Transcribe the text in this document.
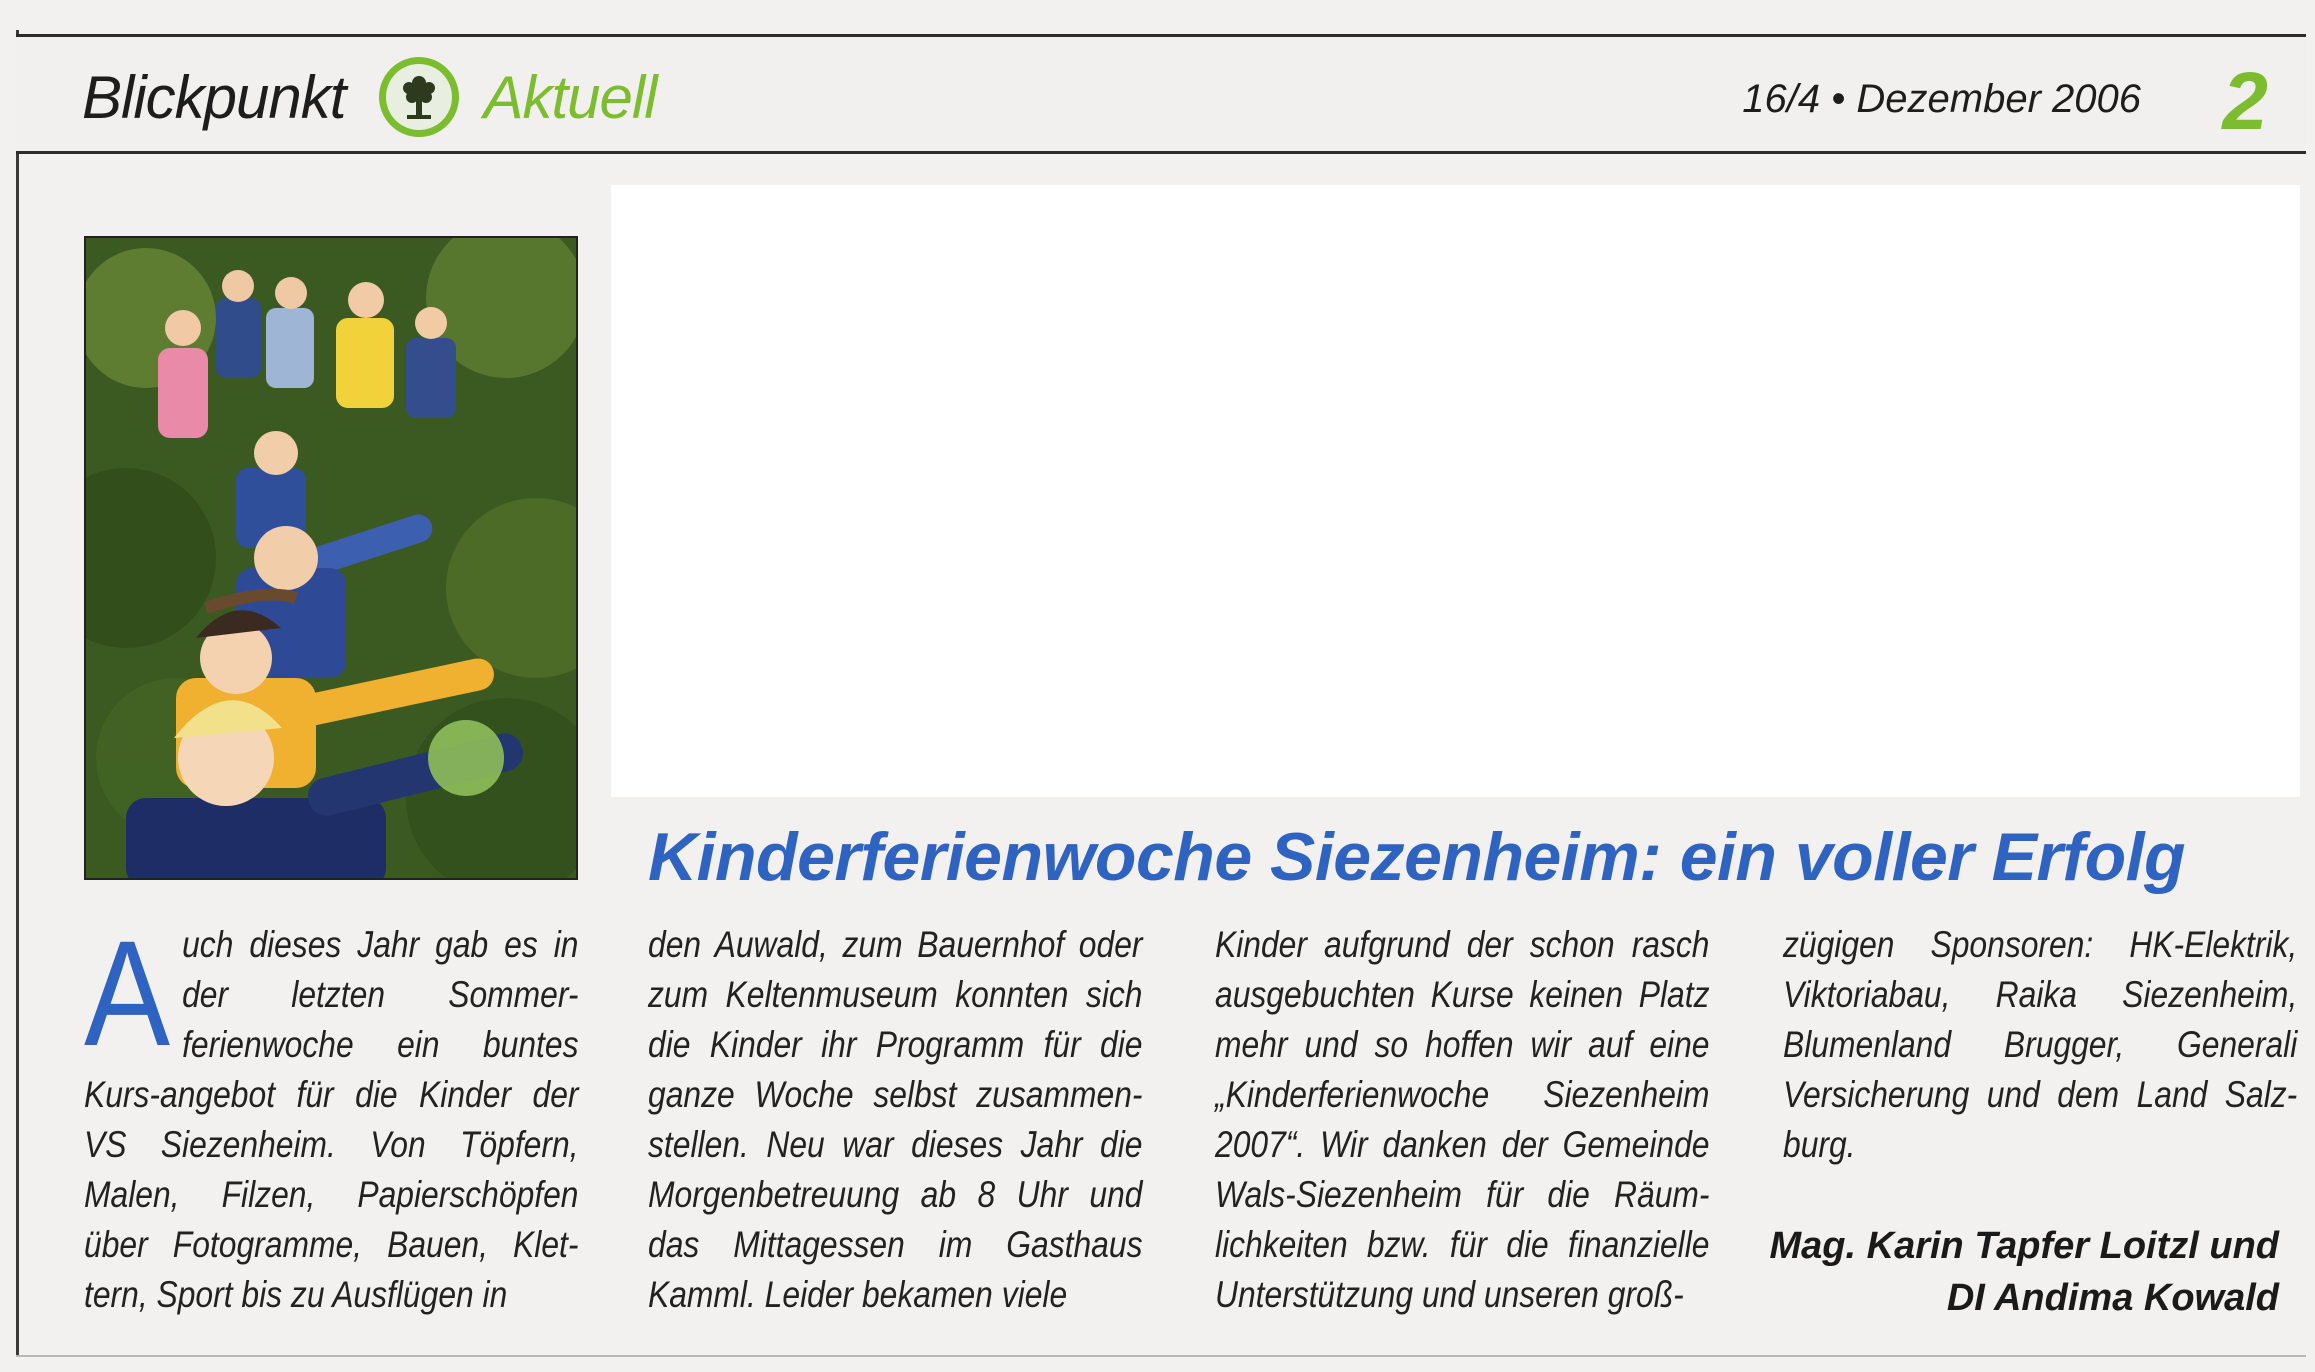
Blickpunkt Aktuell	16/4 • Dezember 2006 2
Kinderferienwoche Siezenheim: ein voller Erfolg
A uch dieses Jahr gab es in der letzten Sommer-ferienwoche ein buntes Kurs-angebot für die Kinder der VS Siezenheim. Von Töpfern, Malen, Filzen, Papierschöpfen über Fotogramme, Bauen, Klet-tern, Sport bis zu Ausflügen in
den Auwald, zum Bauernhof oder zum Keltenmuseum konnten sich die Kinder ihr Programm für die ganze Woche selbst zusammen-stellen. Neu war dieses Jahr die Morgenbetreuung ab 8 Uhr und das Mittagessen im Gasthaus Kamml. Leider bekamen viele
Kinder aufgrund der schon rasch ausgebuchten Kurse keinen Platz mehr und so hoffen wir auf eine „Kinderferienwoche Siezenheim 2007“. Wir danken der Gemeinde Wals-Siezenheim für die Räum-lichkeiten bzw. für die finanzielle Unterstützung und unseren groß-
zügigen Sponsoren: HK-Elektrik, Viktoriabau, Raika Siezenheim, Blumenland Brugger, Generali Versicherung und dem Land Salz-burg.
Mag. Karin Tapfer Loitzl und
DI Andima Kowald
